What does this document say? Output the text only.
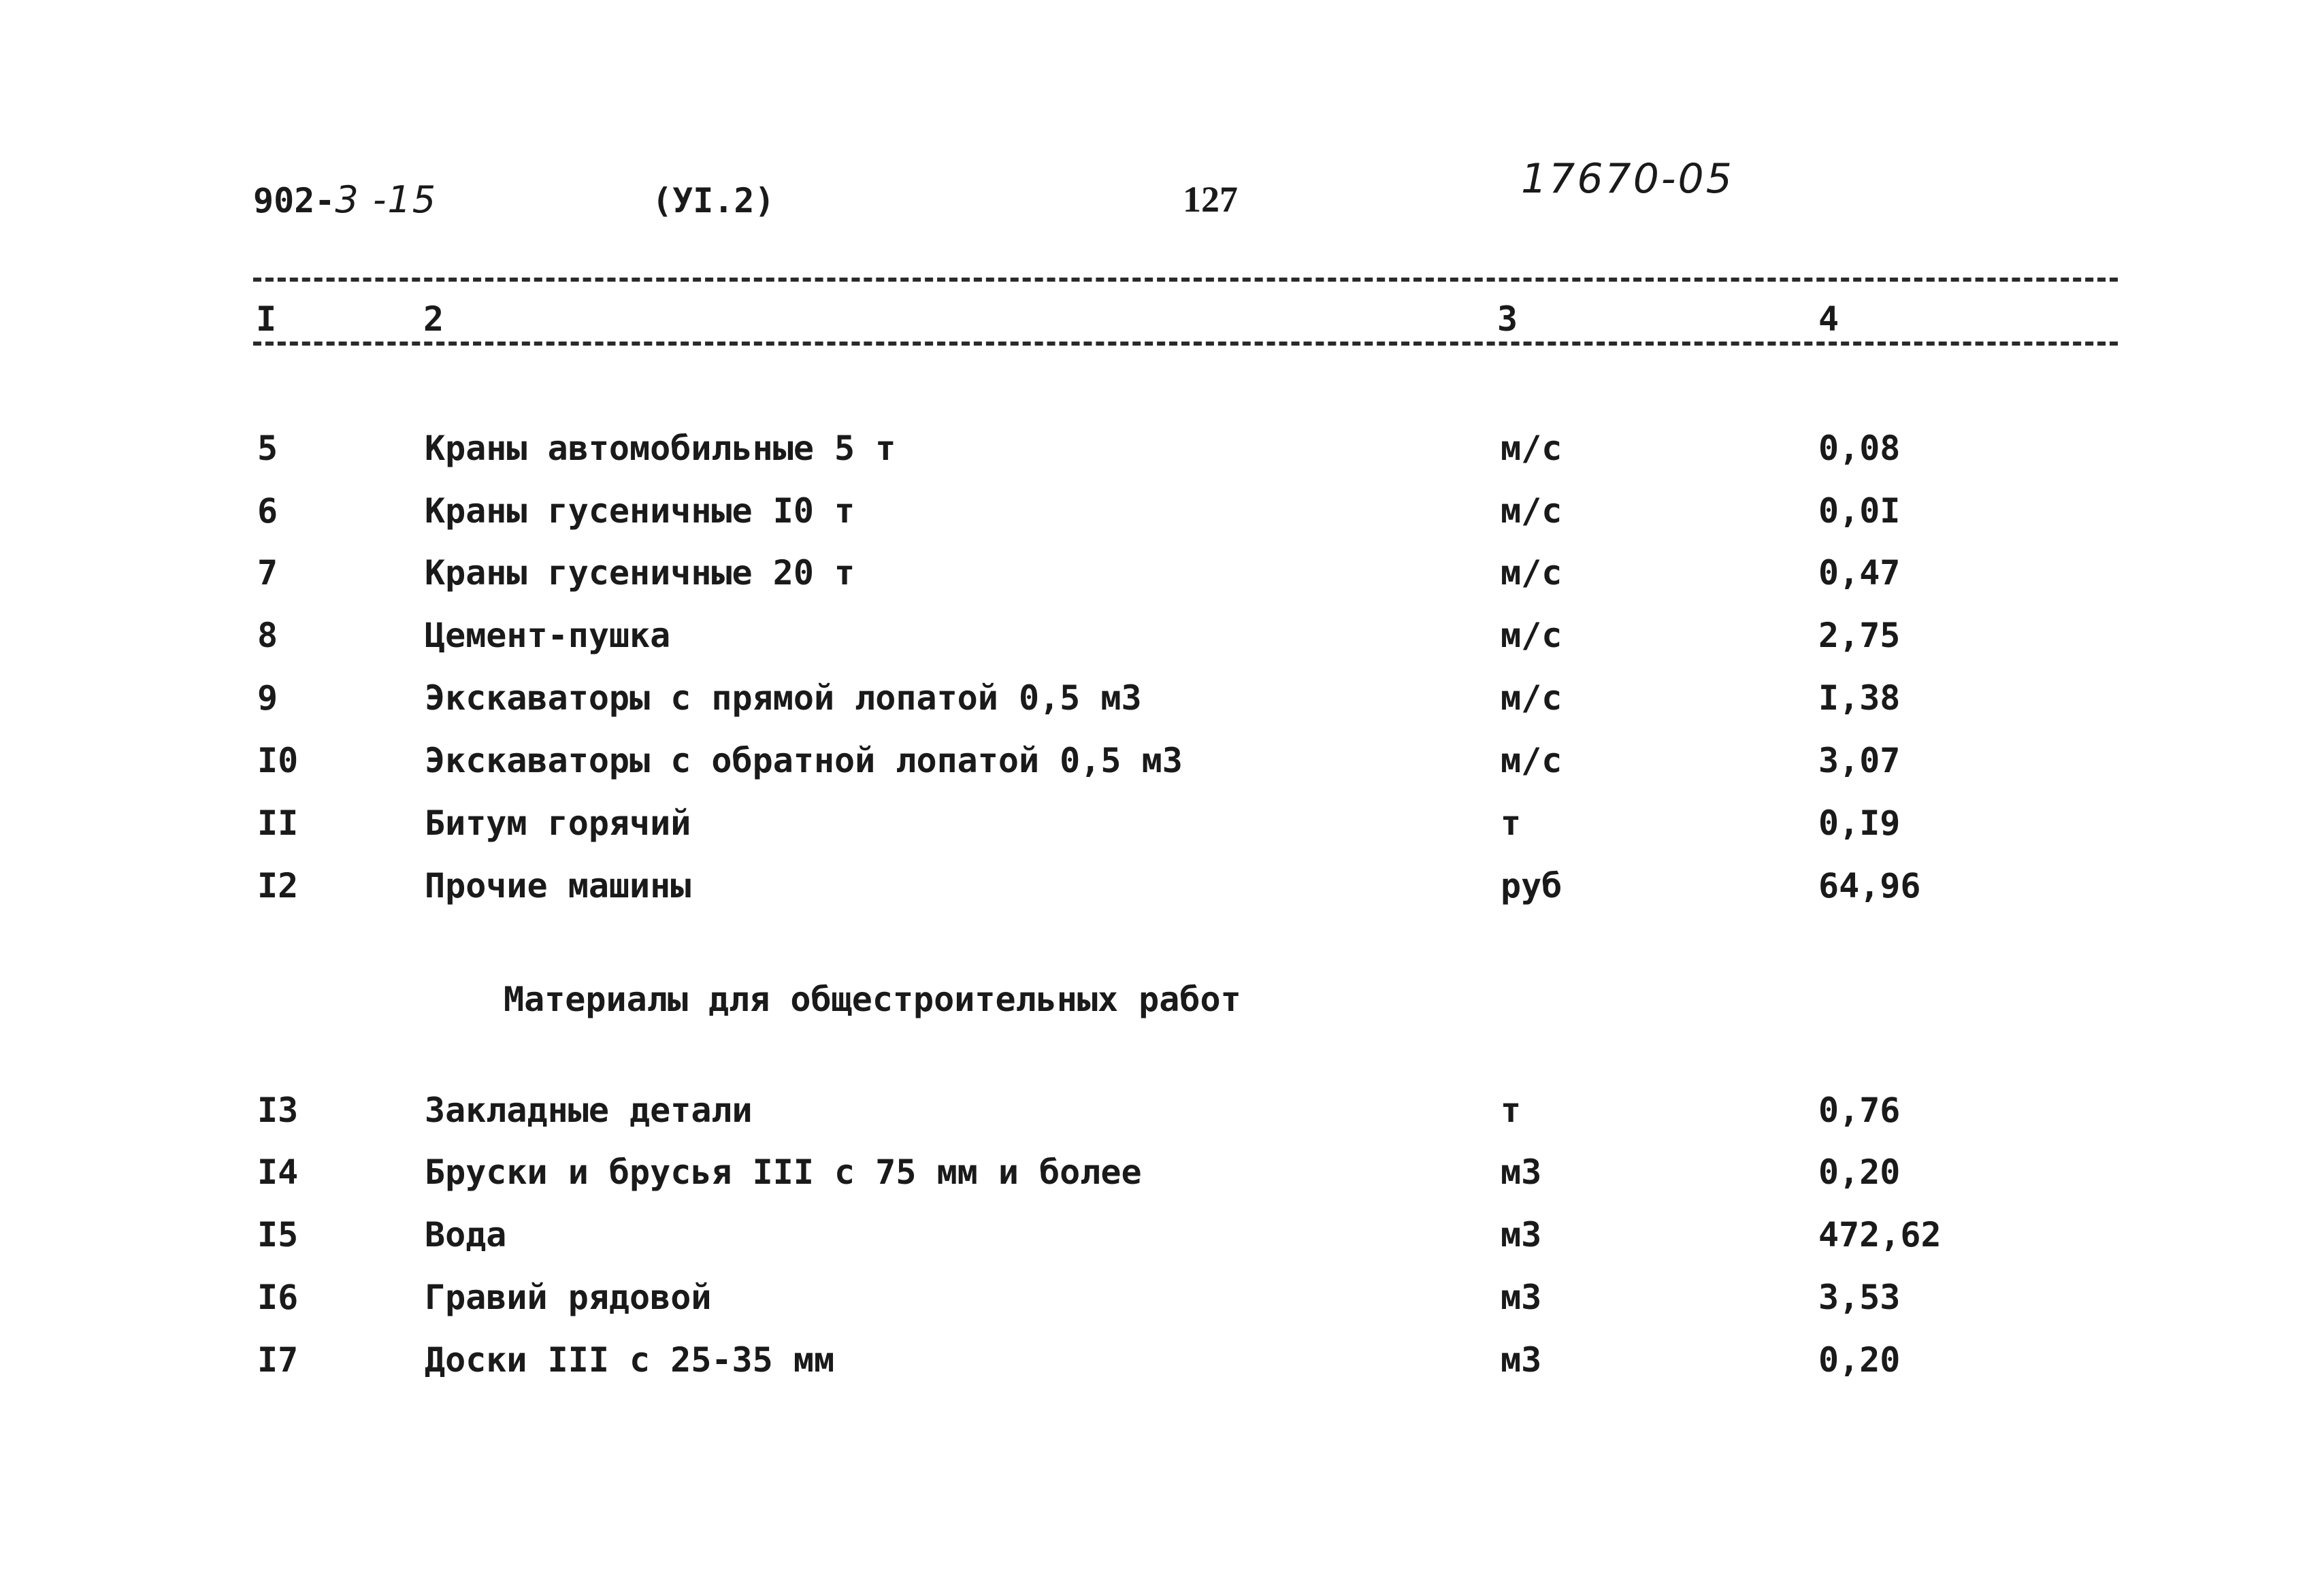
902-3 -15	(УI.2)	127	17670-05
I	2	3	4
5	Краны автомобильные 5 т	м/с	0,08
6	Краны гусеничные I0 т	м/с	0,0I
7	Краны гусеничные 20 т	м/с	0,47
8	Цемент-пушка	м/с	2,75
9	Экскаваторы с прямой лопатой 0,5 м3	м/с	I,38
I0	Экскаваторы с обратной лопатой 0,5 м3	м/с	3,07
II	Битум горячий	т	0,I9
I2	Прочие машины	руб	64,96
Материалы для общестроительных работ
I3	Закладные детали	т	0,76
I4	Бруски и брусья III с 75 мм и более	м3	0,20
I5	Вода	м3	472,62
I6	Гравий рядовой	м3	3,53
I7	Доски III с 25-35 мм	м3	0,20
